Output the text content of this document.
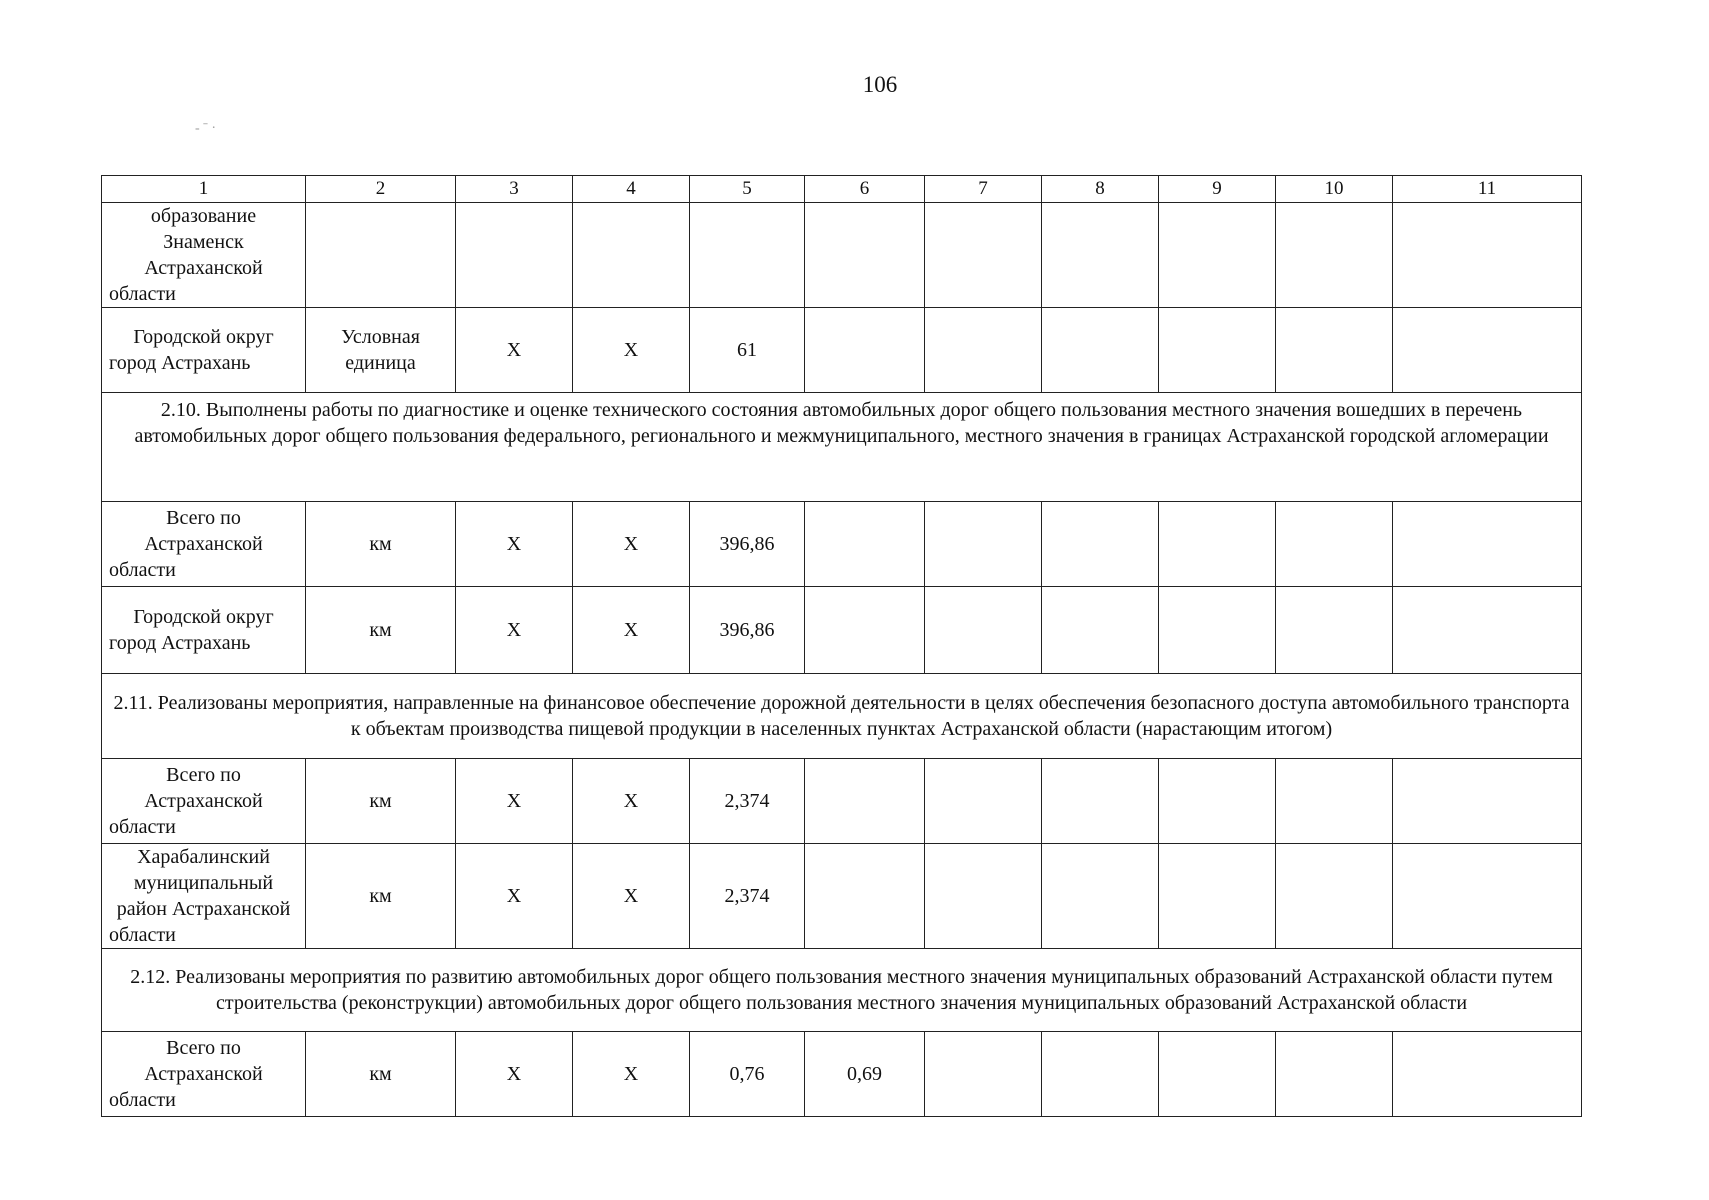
106
- ˉ ·
1	2	3	4	5	6	7	8	9	10	11
образование Знаменск Астраханской области										
Городской округ город Астрахань	Условная единица	X	X	61						
2.10. Выполнены работы по диагностике и оценке технического состояния автомобильных дорог общего пользования местного значения вошедших в перечень автомобильных дорог общего пользования федерального, регионального и межмуниципального, местного значения в границах Астраханской городской агломерации										
Всего по Астраханской области	км	X	X	396,86						
Городской округ город Астрахань	км	X	X	396,86						
2.11. Реализованы мероприятия, направленные на финансовое обеспечение дорожной деятельности в целях обеспечения безопасного доступа автомобильного транспорта к объектам производства пищевой продукции в населенных пунктах Астраханской области (нарастающим итогом)										
Всего по Астраханской области	км	X	X	2,374						
Харабалинский муниципальный район Астраханской области	км	X	X	2,374						
2.12. Реализованы мероприятия по развитию автомобильных дорог общего пользования местного значения муниципальных образований Астраханской области путем строительства (реконструкции) автомобильных дорог общего пользования местного значения муниципальных образований Астраханской области										
Всего по Астраханской области	км	X	X	0,76	0,69					
